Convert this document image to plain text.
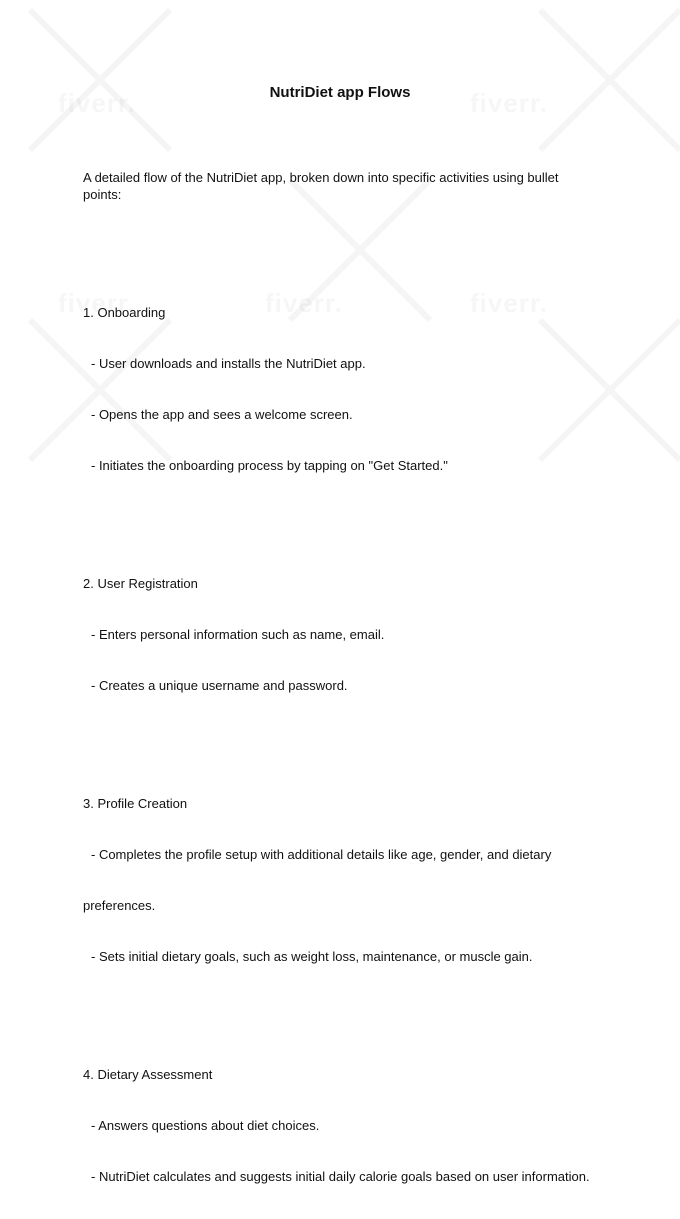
NutriDiet app Flows

A detailed flow of the NutriDiet app, broken down into specific activities using bullet points:

1. Onboarding

- User downloads and installs the NutriDiet app.

- Opens the app and sees a welcome screen.

- Initiates the onboarding process by tapping on "Get Started."

2. User Registration

- Enters personal information such as name, email.

- Creates a unique username and password.

3. Profile Creation

- Completes the profile setup with additional details like age, gender, and dietary

preferences.

- Sets initial dietary goals, such as weight loss, maintenance, or muscle gain.

4. Dietary Assessment

- Answers questions about diet choices.

- NutriDiet calculates and suggests initial daily calorie goals based on user information.
